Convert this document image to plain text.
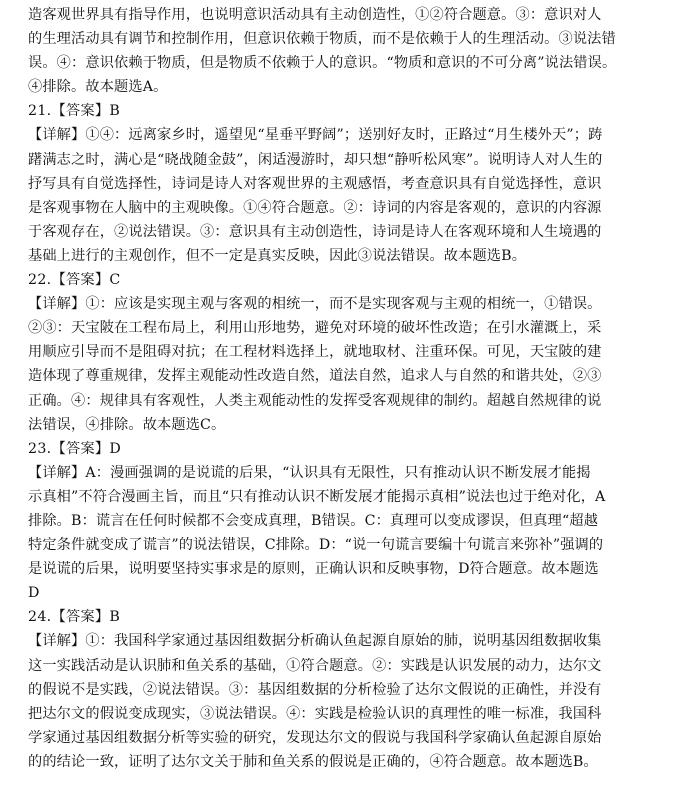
造客观世界具有指导作用，也说明意识活动具有主动创造性，①②符合题意。③：意识对人
的生理活动具有调节和控制作用，但意识依赖于物质，而不是依赖于人的生理活动。③说法错
误。④：意识依赖于物质，但是物质不依赖于人的意识。“物质和意识的不可分离”说法错误。
④排除。故本题选A。
21.【答案】B
【详解】①④：远离家乡时，遥望见“星垂平野阔”；送别好友时，正路过“月生楼外天”；踌
躇满志之时，满心是“晓战随金鼓”，闲适漫游时，却只想“静听松风寒”。说明诗人对人生的
抒写具有自觉选择性，诗词是诗人对客观世界的主观感悟，考查意识具有自觉选择性，意识
是客观事物在人脑中的主观映像。①④符合题意。②：诗词的内容是客观的，意识的内容源
于客观存在，②说法错误。③：意识具有主动创造性，诗词是诗人在客观环境和人生境遇的
基础上进行的主观创作，但不一定是真实反映，因此③说法错误。故本题选B。
22.【答案】C
【详解】①：应该是实现主观与客观的相统一，而不是实现客观与主观的相统一，①错误。
②③：天宝陂在工程布局上，利用山形地势，避免对环境的破坏性改造；在引水灌溉上，采
用顺应引导而不是阻碍对抗；在工程材料选择上，就地取材、注重环保。可见，天宝陂的建
造体现了尊重规律，发挥主观能动性改造自然，道法自然，追求人与自然的和谐共处，②③
正确。④：规律具有客观性，人类主观能动性的发挥受客观规律的制约。超越自然规律的说
法错误，④排除。故本题选C。
23.【答案】D
【详解】A：漫画强调的是说谎的后果，“认识具有无限性，只有推动认识不断发展才能揭
示真相”不符合漫画主旨，而且“只有推动认识不断发展才能揭示真相”说法也过于绝对化，A
排除。B：谎言在任何时候都不会变成真理，B错误。C：真理可以变成谬误，但真理“超越
特定条件就变成了谎言”的说法错误，C排除。D：“说一句谎言要编十句谎言来弥补”强调的
是说谎的后果，说明要坚持实事求是的原则，正确认识和反映事物，D符合题意。故本题选
D
24.【答案】B
【详解】①：我国科学家通过基因组数据分析确认鱼起源自原始的肺，说明基因组数据收集
这一实践活动是认识肺和鱼关系的基础，①符合题意。②：实践是认识发展的动力，达尔文
的假说不是实践，②说法错误。③：基因组数据的分析检验了达尔文假说的正确性，并没有
把达尔文的假说变成现实，③说法错误。④：实践是检验认识的真理性的唯一标准，我国科
学家通过基因组数据分析等实验的研究，发现达尔文的假说与我国科学家确认鱼起源自原始
的的结论一致，证明了达尔文关于肺和鱼关系的假说是正确的，④符合题意。故本题选B。
